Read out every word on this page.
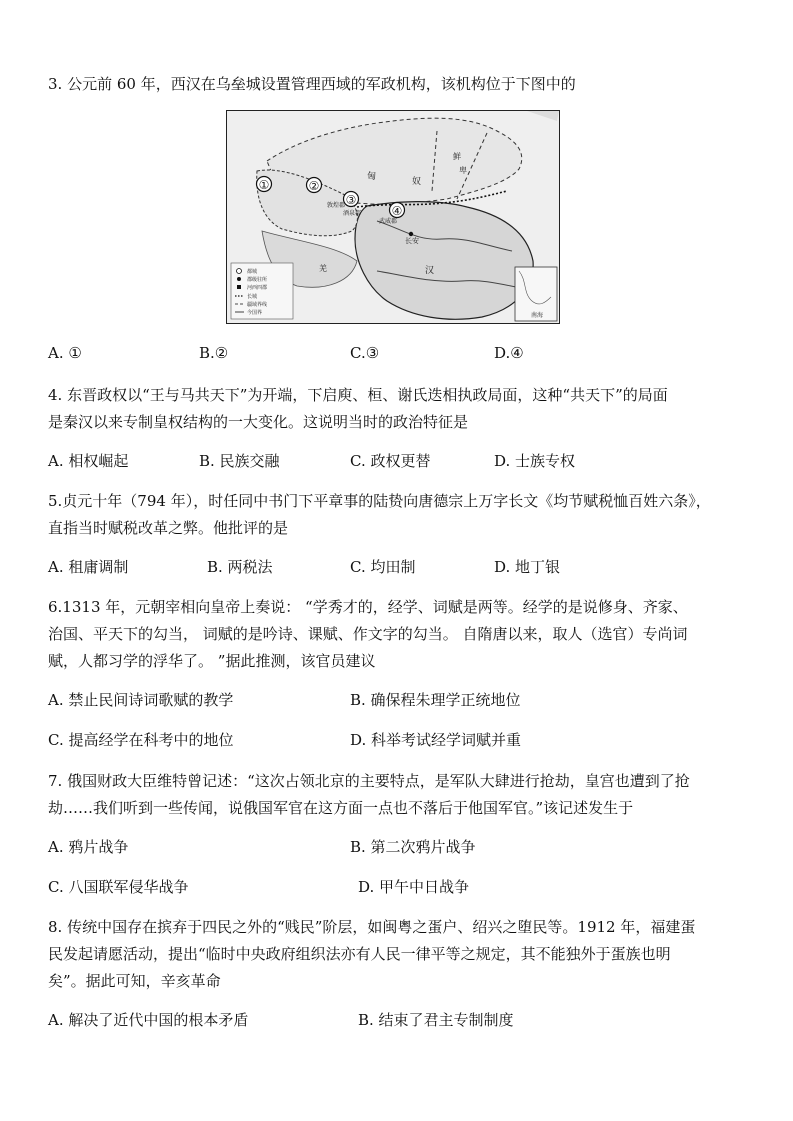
3. 公元前 60 年，西汉在乌垒城设置管理西域的军政机构，该机构位于下图中的
①	②
③
④
匈	奴
鲜
卑
敦煌郡
酒泉郡
武威郡
长安
汉
羌
都城
郡级驻所
河西四郡
长城
疆域界线
今国界	南海
A. ①	B.②	C.③	D.④
4. 东晋政权以“王与马共天下”为开端，下启庾、桓、谢氏迭相执政局面，这种“共天下”的局面
是秦汉以来专制皇权结构的一大变化。这说明当时的政治特征是
A. 相权崛起	B. 民族交融	C. 政权更替	D. 士族专权
5.贞元十年（794 年），时任同中书门下平章事的陆贽向唐德宗上万字长文《均节赋税恤百姓六条》，
直指当时赋税改革之弊。他批评的是
A. 租庸调制	B. 两税法	C. 均田制	D. 地丁银
6.1313 年，元朝宰相向皇帝上奏说： “学秀才的，经学、词赋是两等。经学的是说修身、齐家、
治国、平天下的勾当， 词赋的是吟诗、课赋、作文字的勾当。 自隋唐以来，取人（选官）专尚词
赋，人都习学的浮华了。 ”据此推测，该官员建议
A. 禁止民间诗词歌赋的教学	B. 确保程朱理学正统地位
C. 提高经学在科考中的地位	D. 科举考试经学词赋并重
7. 俄国财政大臣维特曾记述：“这次占领北京的主要特点，是军队大肆进行抢劫，皇宫也遭到了抢
劫……我们听到一些传闻，说俄国军官在这方面一点也不落后于他国军官。”该记述发生于
A. 鸦片战争	B. 第二次鸦片战争
C. 八国联军侵华战争	D. 甲午中日战争
8. 传统中国存在摈弃于四民之外的“贱民”阶层，如闽粤之蛋户、绍兴之堕民等。1912 年，福建蛋
民发起请愿活动，提出“临时中央政府组织法亦有人民一律平等之规定，其不能独外于蛋族也明
矣”。据此可知，辛亥革命
A. 解决了近代中国的根本矛盾	B. 结束了君主专制制度
